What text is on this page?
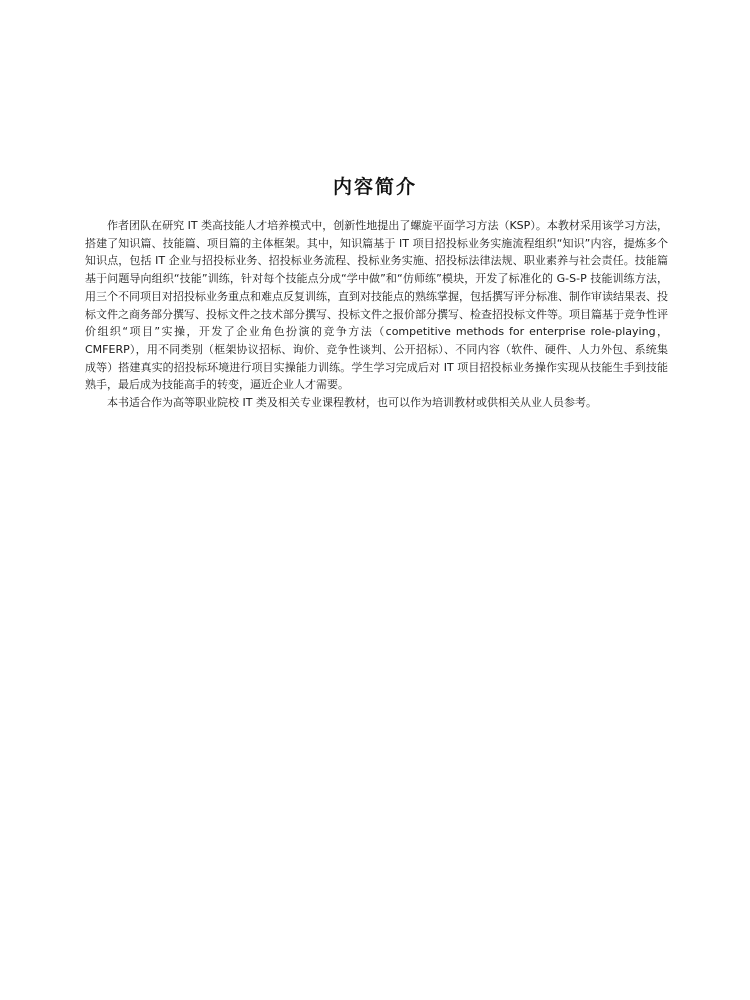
内容简介

作者团队在研究 IT 类高技能人才培养模式中，创新性地提出了螺旋平面学习方法（KSP）。本教材采用该学习方法，搭建了知识篇、技能篇、项目篇的主体框架。其中，知识篇基于 IT 项目招投标业务实施流程组织“知识”内容，提炼多个知识点，包括 IT 企业与招投标业务、招投标业务流程、投标业务实施、招投标法律法规、职业素养与社会责任。技能篇基于问题导向组织“技能”训练，针对每个技能点分成“学中做”和“仿师练”模块，开发了标准化的 G-S-P 技能训练方法，用三个不同项目对招投标业务重点和难点反复训练，直到对技能点的熟练掌握，包括撰写评分标准、制作审读结果表、投标文件之商务部分撰写、投标文件之技术部分撰写、投标文件之报价部分撰写、检查招投标文件等。项目篇基于竞争性评价组织“项目”实操，开发了企业角色扮演的竞争方法（competitive methods for enterprise role-playing，CMFERP），用不同类别（框架协议招标、询价、竞争性谈判、公开招标）、不同内容（软件、硬件、人力外包、系统集成等）搭建真实的招投标环境进行项目实操能力训练。学生学习完成后对 IT 项目招投标业务操作实现从技能生手到技能熟手，最后成为技能高手的转变，逼近企业人才需要。

本书适合作为高等职业院校 IT 类及相关专业课程教材，也可以作为培训教材或供相关从业人员参考。
